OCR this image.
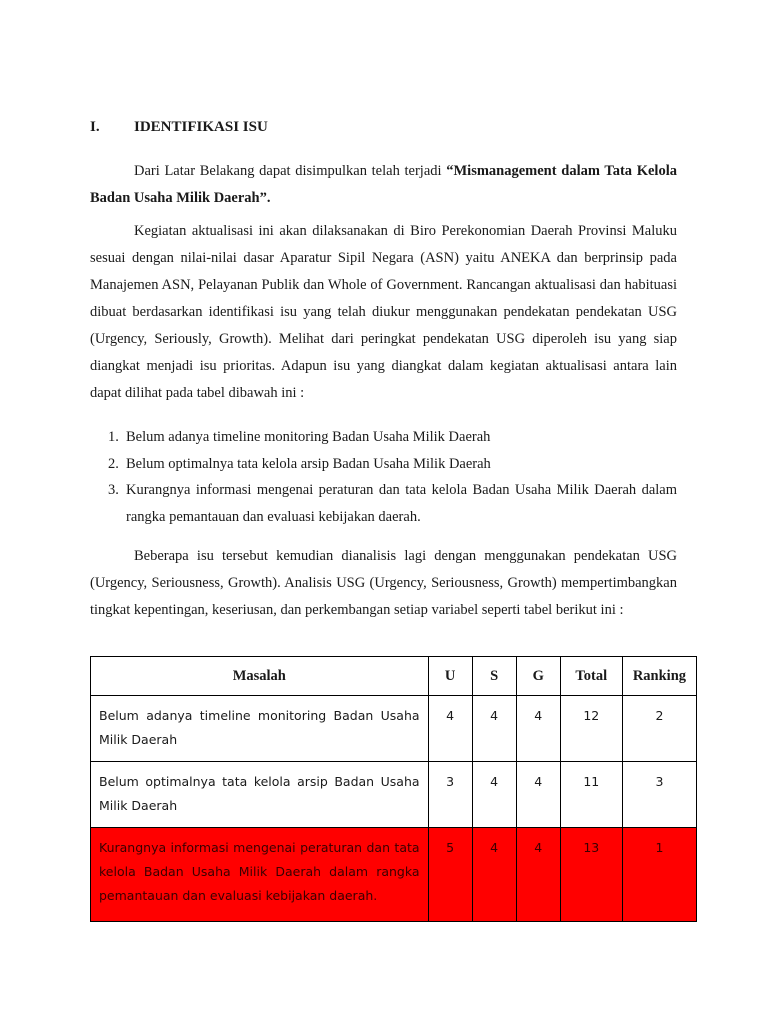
I. IDENTIFIKASI ISU

Dari Latar Belakang dapat disimpulkan telah terjadi “Mismanagement dalam Tata Kelola Badan Usaha Milik Daerah”.

Kegiatan aktualisasi ini akan dilaksanakan di Biro Perekonomian Daerah Provinsi Maluku sesuai dengan nilai-nilai dasar Aparatur Sipil Negara (ASN) yaitu ANEKA dan berprinsip pada Manajemen ASN, Pelayanan Publik dan Whole of Government. Rancangan aktualisasi dan habituasi dibuat berdasarkan identifikasi isu yang telah diukur menggunakan pendekatan pendekatan USG (Urgency, Seriously, Growth). Melihat dari peringkat pendekatan USG diperoleh isu yang siap diangkat menjadi isu prioritas. Adapun isu yang diangkat dalam kegiatan aktualisasi antara lain dapat dilihat pada tabel dibawah ini :

1. Belum adanya timeline monitoring Badan Usaha Milik Daerah
2. Belum optimalnya tata kelola arsip Badan Usaha Milik Daerah
3. Kurangnya informasi mengenai peraturan dan tata kelola Badan Usaha Milik Daerah dalam rangka pemantauan dan evaluasi kebijakan daerah.

Beberapa isu tersebut kemudian dianalisis lagi dengan menggunakan pendekatan USG (Urgency, Seriousness, Growth). Analisis USG (Urgency, Seriousness, Growth) mempertimbangkan tingkat kepentingan, keseriusan, dan perkembangan setiap variabel seperti tabel berikut ini :

Masalah	U	S	G	Total	Ranking
Belum adanya timeline monitoring Badan Usaha Milik Daerah	4	4	4	12	2
Belum optimalnya tata kelola arsip Badan Usaha Milik Daerah	3	4	4	11	3
Kurangnya informasi mengenai peraturan dan tata kelola Badan Usaha Milik Daerah dalam rangka pemantauan dan evaluasi kebijakan daerah.	5	4	4	13	1
